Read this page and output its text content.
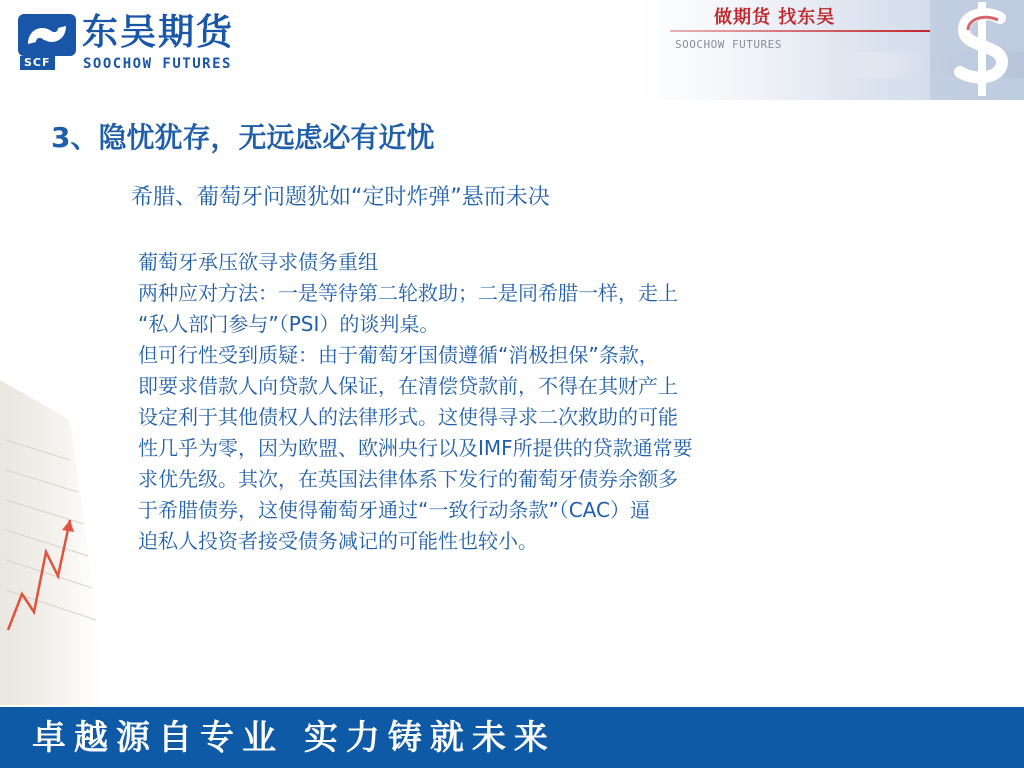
SCF
东吴期货
SOOCHOW FUTURES
做期货 找东吴
SOOCHOW FUTURES
3、隐忧犹存，无远虑必有近忧
希腊、葡萄牙问题犹如“定时炸弹”悬而未决

葡萄牙承压欲寻求债务重组

两种应对方法：一是等待第二轮救助；二是同希腊一样，走上

“私人部门参与”（PSI）的谈判桌。

但可行性受到质疑：由于葡萄牙国债遵循“消极担保”条款，

即要求借款人向贷款人保证，在清偿贷款前，不得在其财产上

设定利于其他债权人的法律形式。这使得寻求二次救助的可能

性几乎为零，因为欧盟、欧洲央行以及IMF所提供的贷款通常要

求优先级。其次，在英国法律体系下发行的葡萄牙债券余额多

于希腊债券，这使得葡萄牙通过“一致行动条款”（CAC）逼

迫私人投资者接受债务减记的可能性也较小。

卓越源自专业 实力铸就未来
